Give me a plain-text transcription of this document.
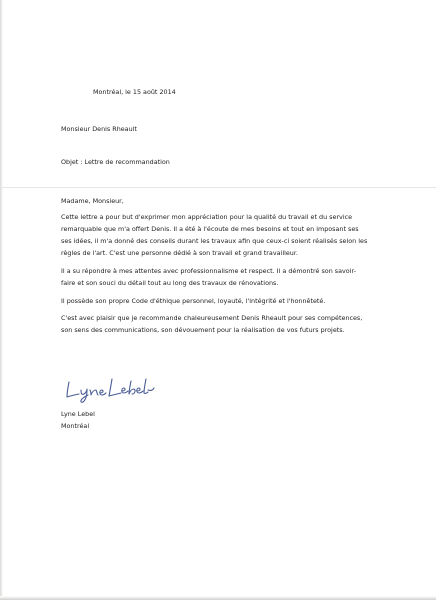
Montréal, le 15 août 2014
Monsieur Denis Rheault
Objet : Lettre de recommandation
Madame, Monsieur,
Cette lettre a pour but d'exprimer mon appréciation pour la qualité du travail et du service
remarquable que m'a offert Denis. Il a été à l'écoute de mes besoins et tout en imposant ses
ses idées, il m'a donné des conseils durant les travaux afin que ceux-ci soient réalisés selon les
règles de l'art. C'est une personne dédié à son travail et grand travailleur.
Il a su répondre à mes attentes avec professionnalisme et respect. Il a démontré son savoir-
faire et son souci du détail tout au long des travaux de rénovations.
Il possède son propre Code d'éthique personnel, loyauté, l'intégrité et l'honnêteté.
C'est avec plaisir que je recommande chaleureusement Denis Rheault pour ses compétences,
son sens des communications, son dévouement pour la réalisation de vos futurs projets.
Lyne Lebel
Montréal
